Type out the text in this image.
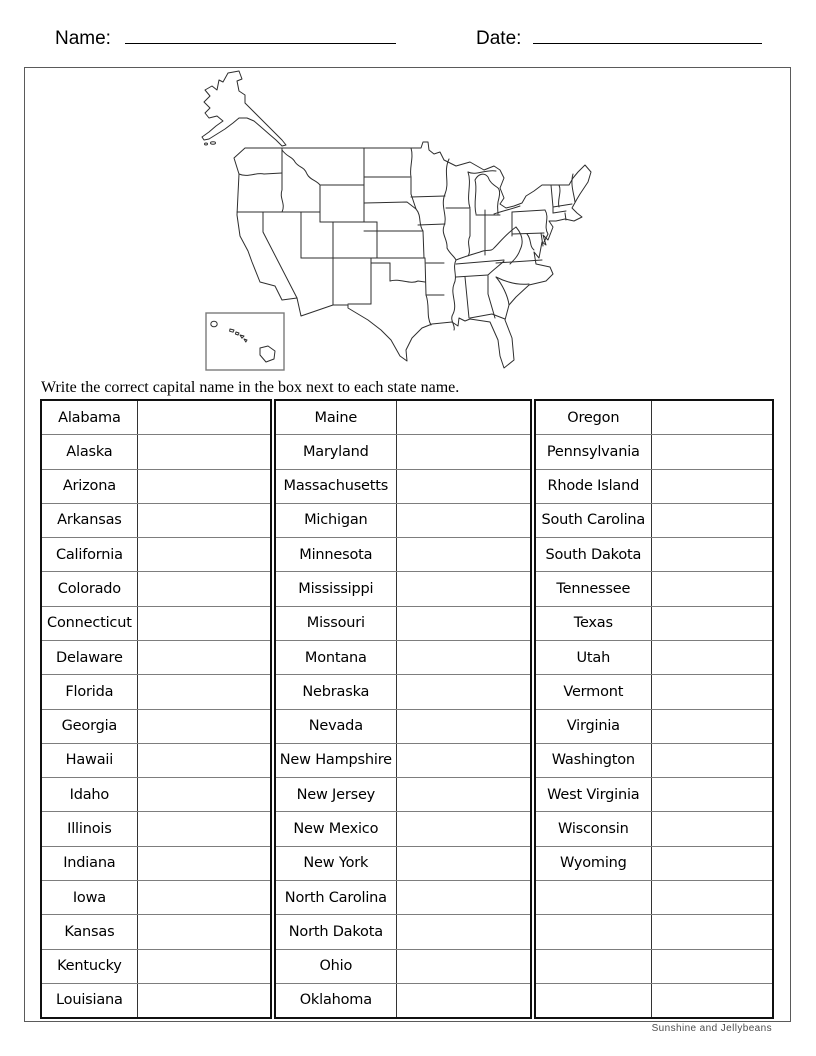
Name:	Date:

Write the correct capital name in the box next to each state name.

Alabama
Alaska
Arizona
Arkansas
California
Colorado
Connecticut
Delaware
Florida
Georgia
Hawaii
Idaho
Illinois
Indiana
Iowa
Kansas
Kentucky
Louisiana
Maine
Maryland
Massachusetts
Michigan
Minnesota
Mississippi
Missouri
Montana
Nebraska
Nevada
New Hampshire
New Jersey
New Mexico
New York
North Carolina
North Dakota
Ohio
Oklahoma
Oregon
Pennsylvania
Rhode Island
South Carolina
South Dakota
Tennessee
Texas
Utah
Vermont
Virginia
Washington
West Virginia
Wisconsin
Wyoming
Sunshine and Jellybeans
